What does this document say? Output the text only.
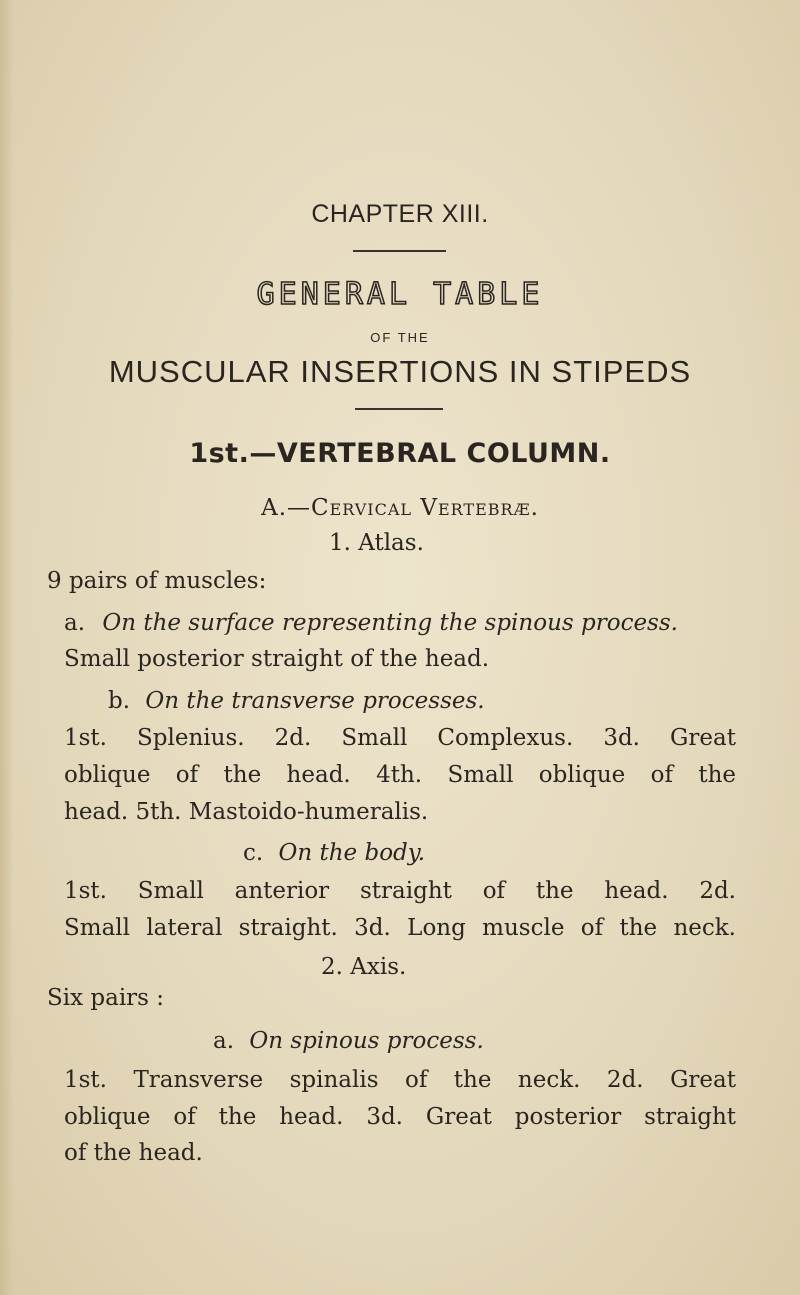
CHAPTER XIII.
GENERAL TABLE
OF THE
MUSCULAR INSERTIONS IN STIPEDS
1st.—VERTEBRAL COLUMN.
A.—Cervical Vertebræ.
1. Atlas.
9 pairs of muscles:
a. On the surface representing the spinous process.
Small posterior straight of the head.
b. On the transverse processes.
1st. Splenius. 2d. Small Complexus. 3d. Great
oblique of the head. 4th. Small oblique of the
head. 5th. Mastoido-humeralis.
c. On the body.
1st. Small anterior straight of the head. 2d.
Small lateral straight. 3d. Long muscle of the neck.
2. Axis.
Six pairs :
a. On spinous process.
1st. Transverse spinalis of the neck. 2d. Great
oblique of the head. 3d. Great posterior straight
of the head.
